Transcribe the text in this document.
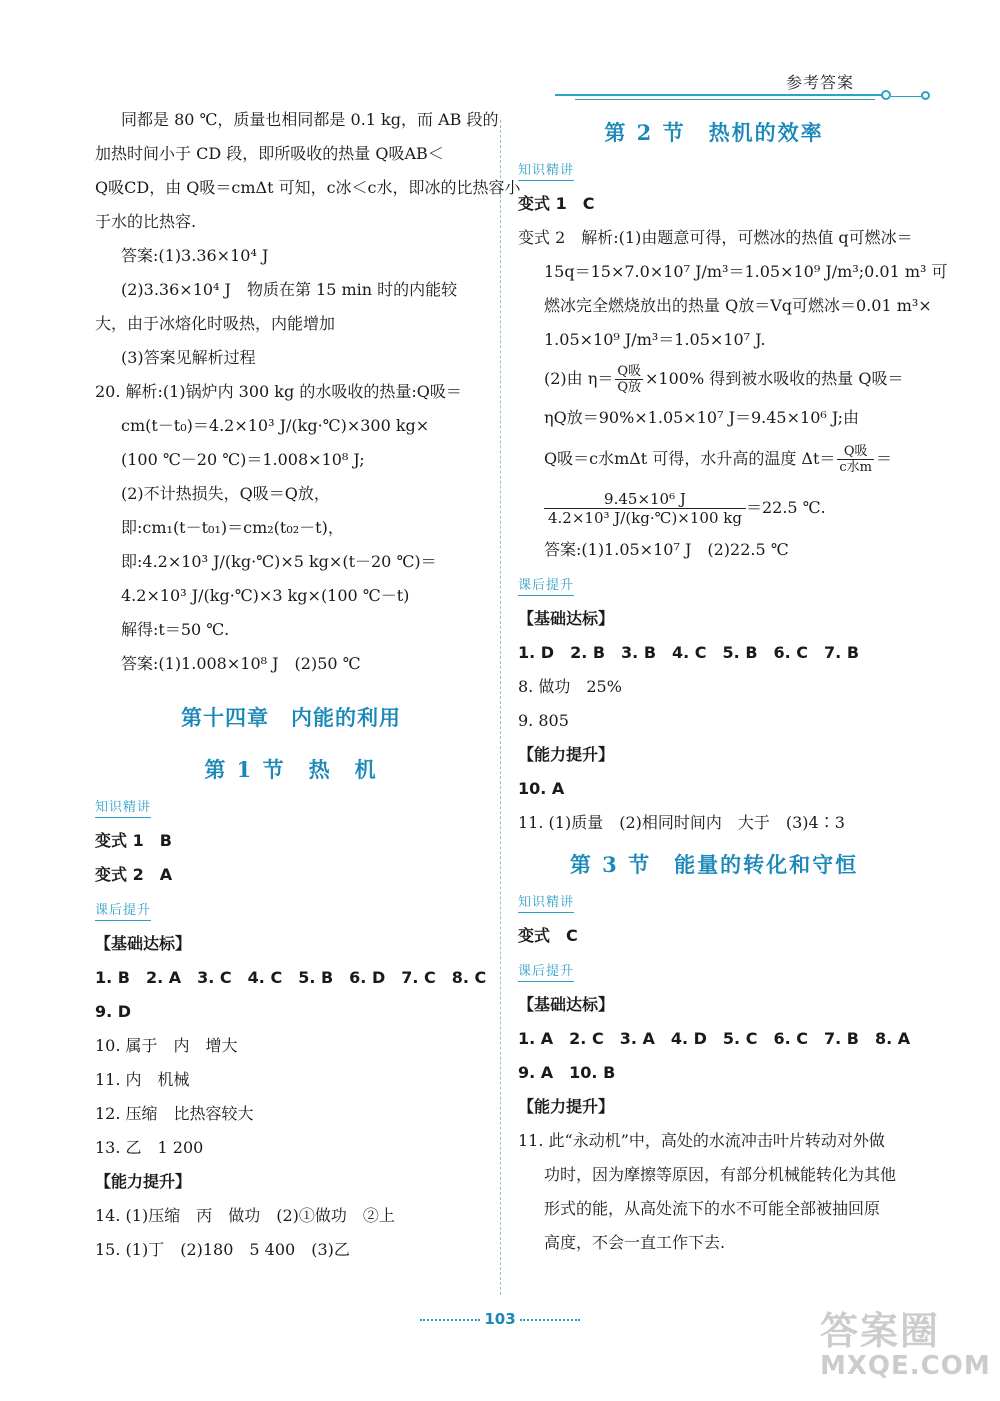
参考答案
同都是 80 ℃，质量也相同都是 0.1 kg，而 AB 段的
加热时间小于 CD 段，即所吸收的热量 Q吸AB＜
Q吸CD，由 Q吸＝cmΔt 可知，c冰＜c水，即冰的比热容小
于水的比热容.
答案:(1)3.36×10⁴ J
(2)3.36×10⁴ J　物质在第 15 min 时的内能较
大，由于冰熔化时吸热，内能增加
(3)答案见解析过程
20. 解析:(1)锅炉内 300 kg 的水吸收的热量:Q吸＝
cm(t－t₀)＝4.2×10³ J/(kg·℃)×300 kg×
(100 ℃－20 ℃)＝1.008×10⁸ J;
(2)不计热损失，Q吸＝Q放，
即:cm₁(t－t₀₁)＝cm₂(t₀₂－t)，
即:4.2×10³ J/(kg·℃)×5 kg×(t－20 ℃)＝
4.2×10³ J/(kg·℃)×3 kg×(100 ℃－t)
解得:t＝50 ℃.
答案:(1)1.008×10⁸ J　(2)50 ℃
第十四章　内能的利用
第 1 节　热　机
知识精讲
变式 1　B
变式 2　A
课后提升
【基础达标】
1. B　2. A　3. C　4. C　5. B　6. D　7. C　8. C
9. D
10. 属于　内　增大
11. 内　机械
12. 压缩　比热容较大
13. 乙　1 200
【能力提升】
14. (1)压缩　丙　做功　(2)①做功　②上
15. (1)丁　(2)180　5 400　(3)乙
第 2 节　热机的效率
知识精讲
变式 1　C
变式 2　解析:(1)由题意可得，可燃冰的热值 q可燃冰＝
15q＝15×7.0×10⁷ J/m³＝1.05×10⁹ J/m³;0.01 m³ 可
燃冰完全燃烧放出的热量 Q放＝Vq可燃冰＝0.01 m³×
1.05×10⁹ J/m³＝1.05×10⁷ J.
(2)由 $\eta= \frac{\text{Q吸}}{\text{Q放}} \times 100\%$ 得到被水吸收的热量 Q吸＝
ηQ放＝90%×1.05×10⁷ J＝9.45×10⁶ J;由
Q吸＝c水mΔt 可得，水升高的温度 $\Delta t= \frac{\text{Q吸}}{\text{c水m}}$ ＝
$\frac{\text{9.45×10⁶ J}}{\text{4.2×10³ J/(kg·℃)×100 kg}} =22.5$ ℃.
答案:(1)1.05×10⁷ J　(2)22.5 ℃
课后提升
【基础达标】
1. D　2. B　3. B　4. C　5. B　6. C　7. B
8. 做功　25%
9. 805
【能力提升】
10. A
11. (1)质量　(2)相同时间内　大于　(3)4∶3
第 3 节　能量的转化和守恒
知识精讲
变式　C
课后提升
【基础达标】
1. A　2. C　3. A　4. D　5. C　6. C　7. B　8. A
9. A　10. B
【能力提升】
11. 此“永动机”中，高处的水流冲击叶片转动对外做
功时，因为摩擦等原因，有部分机械能转化为其他
形式的能，从高处流下的水不可能全部被抽回原
高度，不会一直工作下去.
103	答案圈
MXQE.COM
